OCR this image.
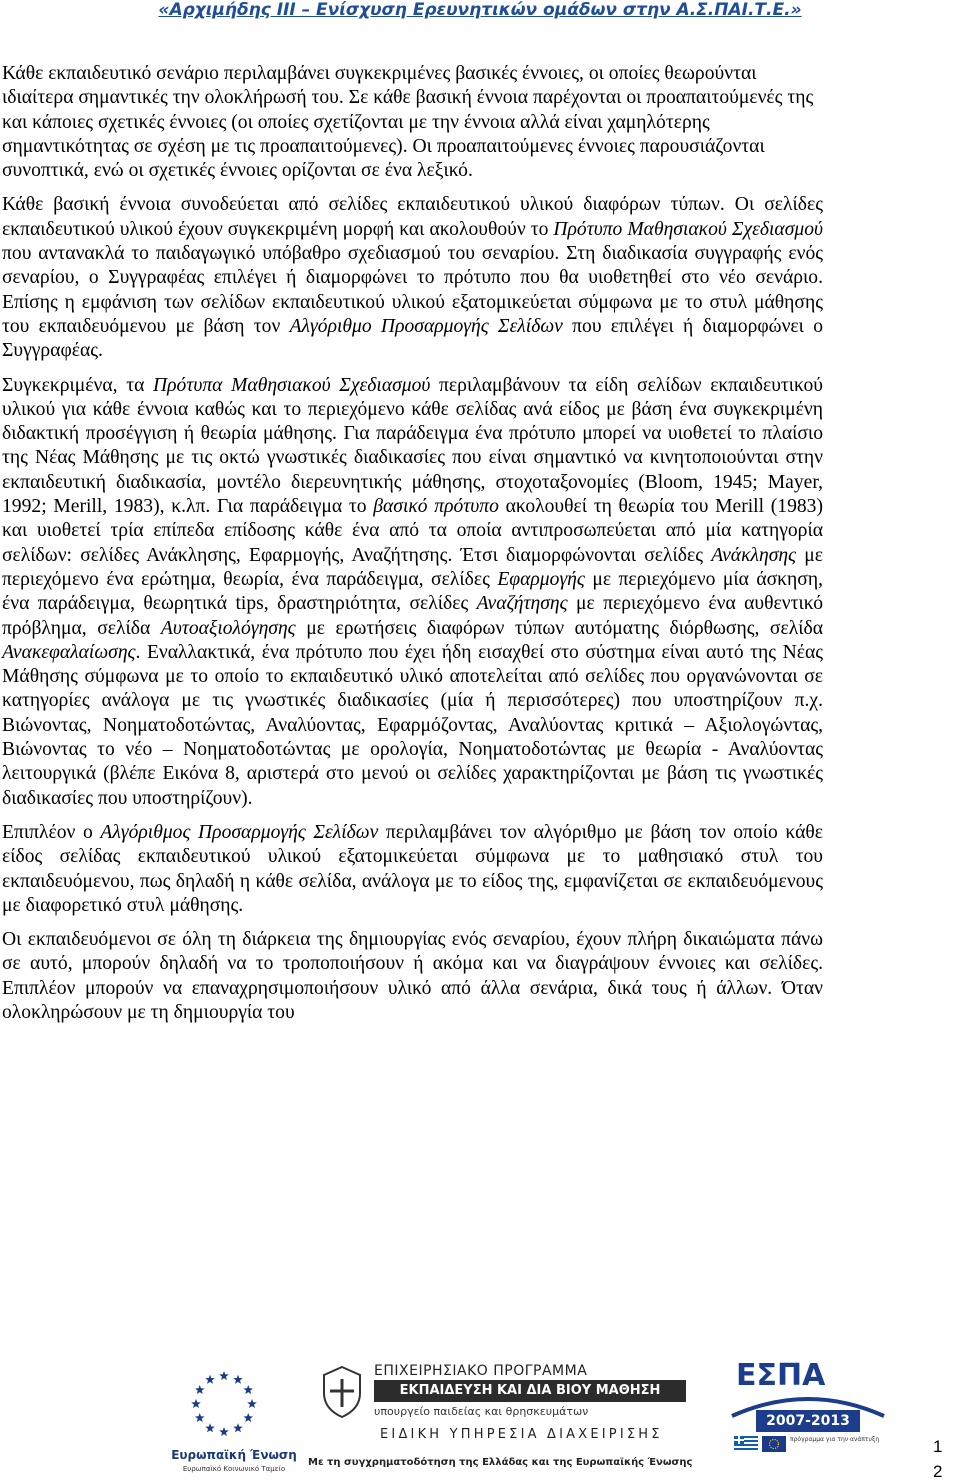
«Αρχιμήδης ΙΙΙ – Ενίσχυση Ερευνητικών ομάδων στην Α.Σ.ΠΑΙ.Τ.Ε.»

Κάθε εκπαιδευτικό σενάριο περιλαμβάνει συγκεκριμένες βασικές έννοιες, οι οποίες θεωρούνται ιδιαίτερα σημαντικές την ολοκλήρωσή του. Σε κάθε βασική έννοια παρέχονται οι προαπαιτούμενές της και κάποιες σχετικές έννοιες (οι οποίες σχετίζονται με την έννοια αλλά είναι χαμηλότερης σημαντικότητας σε σχέση με τις προαπαιτούμενες). Οι προαπαιτούμενες έννοιες παρουσιάζονται συνοπτικά, ενώ οι σχετικές έννοιες ορίζονται σε ένα λεξικό.

Κάθε βασική έννοια συνοδεύεται από σελίδες εκπαιδευτικού υλικού διαφόρων τύπων. Οι σελίδες εκπαιδευτικού υλικού έχουν συγκεκριμένη μορφή και ακολουθούν το Πρότυπο Μαθησιακού Σχεδιασμού που αντανακλά το παιδαγωγικό υπόβαθρο σχεδιασμού του σεναρίου. Στη διαδικασία συγγραφής ενός σεναρίου, ο Συγγραφέας επιλέγει ή διαμορφώνει το πρότυπο που θα υιοθετηθεί στο νέο σενάριο. Επίσης η εμφάνιση των σελίδων εκπαιδευτικού υλικού εξατομικεύεται σύμφωνα με το στυλ μάθησης του εκπαιδευόμενου με βάση τον Αλγόριθμο Προσαρμογής Σελίδων που επιλέγει ή διαμορφώνει ο Συγγραφέας.

Συγκεκριμένα, τα Πρότυπα Μαθησιακού Σχεδιασμού περιλαμβάνουν τα είδη σελίδων εκπαιδευτικού υλικού για κάθε έννοια καθώς και το περιεχόμενο κάθε σελίδας ανά είδος με βάση ένα συγκεκριμένη διδακτική προσέγγιση ή θεωρία μάθησης. Για παράδειγμα ένα πρότυπο μπορεί να υιοθετεί το πλαίσιο της Νέας Μάθησης με τις οκτώ γνωστικές διαδικασίες που είναι σημαντικό να κινητοποιούνται στην εκπαιδευτική διαδικασία, μοντέλο διερευνητικής μάθησης, στοχοταξονομίες (Bloom, 1945; Mayer, 1992; Merill, 1983), κ.λπ. Για παράδειγμα το βασικό πρότυπο ακολουθεί τη θεωρία του Merill (1983) και υιοθετεί τρία επίπεδα επίδοσης κάθε ένα από τα οποία αντιπροσωπεύεται από μία κατηγορία σελίδων: σελίδες Ανάκλησης, Εφαρμογής, Αναζήτησης. Έτσι διαμορφώνονται σελίδες Ανάκλησης με περιεχόμενο ένα ερώτημα, θεωρία, ένα παράδειγμα, σελίδες Εφαρμογής με περιεχόμενο μία άσκηση, ένα παράδειγμα, θεωρητικά tips, δραστηριότητα, σελίδες Αναζήτησης με περιεχόμενο ένα αυθεντικό πρόβλημα, σελίδα Αυτοαξιολόγησης με ερωτήσεις διαφόρων τύπων αυτόματης διόρθωσης, σελίδα Ανακεφαλαίωσης. Εναλλακτικά, ένα πρότυπο που έχει ήδη εισαχθεί στο σύστημα είναι αυτό της Νέας Μάθησης σύμφωνα με το οποίο το εκπαιδευτικό υλικό αποτελείται από σελίδες που οργανώνονται σε κατηγορίες ανάλογα με τις γνωστικές διαδικασίες (μία ή περισσότερες) που υποστηρίζουν π.χ. Βιώνοντας, Νοηματοδοτώντας, Αναλύοντας, Εφαρμόζοντας, Αναλύοντας κριτικά – Αξιολογώντας, Βιώνοντας το νέο – Νοηματοδοτώντας με ορολογία, Νοηματοδοτώντας με θεωρία - Αναλύοντας λειτουργικά (βλέπε Εικόνα 8, αριστερά στο μενού οι σελίδες χαρακτηρίζονται με βάση τις γνωστικές διαδικασίες που υποστηρίζουν).

Επιπλέον ο Αλγόριθμος Προσαρμογής Σελίδων περιλαμβάνει τον αλγόριθμο με βάση τον οποίο κάθε είδος σελίδας εκπαιδευτικού υλικού εξατομικεύεται σύμφωνα με το μαθησιακό στυλ του εκπαιδευόμενου, πως δηλαδή η κάθε σελίδα, ανάλογα με το είδος της, εμφανίζεται σε εκπαιδευόμενους με διαφορετικό στυλ μάθησης.

Οι εκπαιδευόμενοι σε όλη τη διάρκεια της δημιουργίας ενός σεναρίου, έχουν πλήρη δικαιώματα πάνω σε αυτό, μπορούν δηλαδή να το τροποποιήσουν ή ακόμα και να διαγράψουν έννοιες και σελίδες. Επιπλέον μπορούν να επαναχρησιμοποιήσουν υλικό από άλλα σενάρια, δικά τους ή άλλων. Όταν ολοκληρώσουν με τη δημιουργία του

Ευρωπαϊκή Ένωση
Ευρωπαϊκό Κοινωνικό Ταμείο
ΕΠΙΧΕΙΡΗΣΙΑΚΟ ΠΡΟΓΡΑΜΜΑ
ΕΚΠΑΙΔΕΥΣΗ ΚΑΙ ΔΙΑ ΒΙΟΥ ΜΑΘΗΣΗ
υπουργείο παιδείας και θρησκευμάτων
ΕΙΔΙΚΗ ΥΠΗΡΕΣΙΑ ΔΙΑΧΕΙΡΙΣΗΣ
Με τη συγχρηματοδότηση της Ελλάδας και της Ευρωπαϊκής Ένωσης
ΕΣΠΑ
2007-2013
πρόγραμμα για την ανάπτυξη	1
2
